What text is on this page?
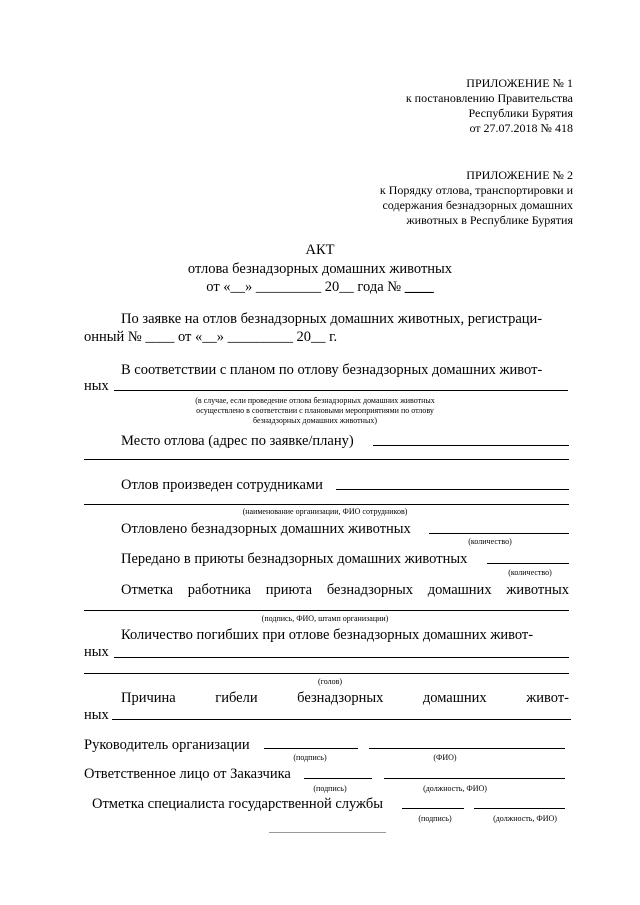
ПРИЛОЖЕНИЕ № 1
к постановлению Правительства
Республики Бурятия
от 27.07.2018 № 418
ПРИЛОЖЕНИЕ № 2
к Порядку отлова, транспортировки и
содержания безнадзорных домашних
животных в Республике Бурятия
АКТ
отлова безнадзорных домашних животных
от «__» _________ 20__ года № ____
По заявке на отлов безнадзорных домашних животных, регистраци-
онный № ____ от «__» _________ 20__ г.
В соответствии с планом по отлову безнадзорных домашних живот-
ных
(в случае, если проведение отлова безнадзорных домашних животных
осуществлено в соответствии с плановыми мероприятиями по отлову
безнадзорных домашних животных)
Место отлова (адрес по заявке/плану)
Отлов произведен сотрудниками
(наименование организации, ФИО сотрудников)
Отловлено безнадзорных домашних животных
(количество)
Передано в приюты безнадзорных домашних животных
(количество)
Отметка работника приюта безнадзорных домашних животных
(подпись, ФИО, штамп организации)
Количество погибших при отлове безнадзорных домашних живот-
ных
(голов)
Причина	гибели	безнадзорных	домашних	живот-
ных
Руководитель организации
(подпись)	(ФИО)
Ответственное лицо от Заказчика
(подпись)	(должность, ФИО)
Отметка специалиста государственной службы
(подпись)	(должность, ФИО)
